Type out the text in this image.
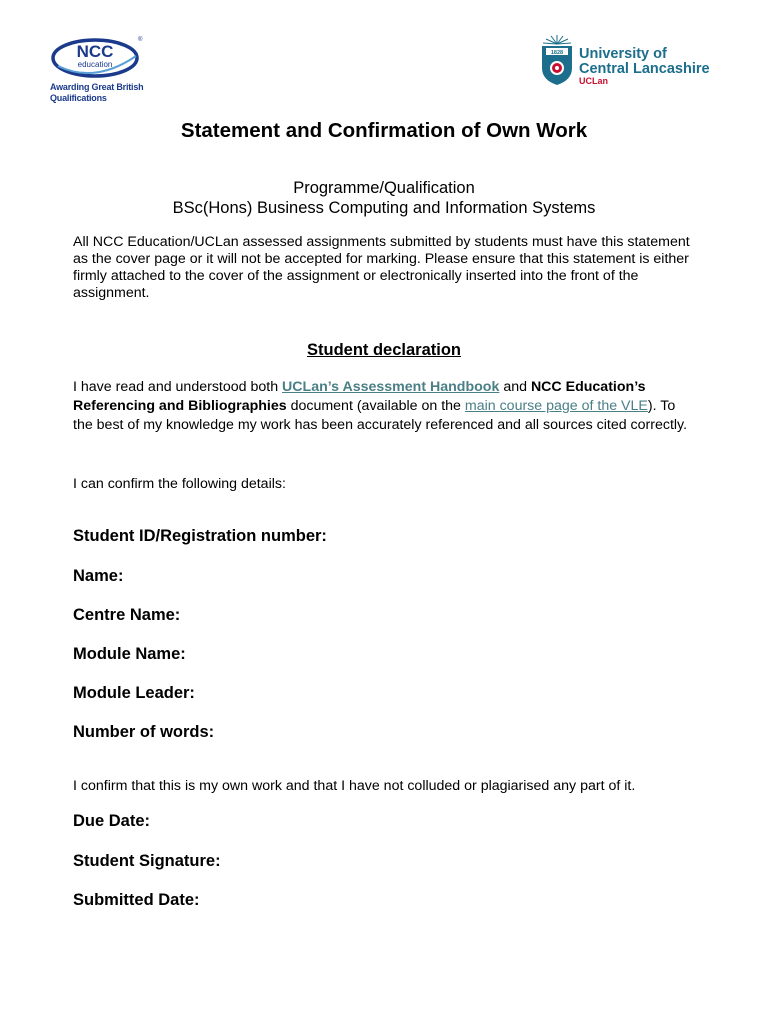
NCC
education
®
Awarding Great British
Qualifications
1828 University of
Central Lancashire
UCLan
Statement and Confirmation of Own Work
Programme/Qualification
BSc(Hons) Business Computing and Information Systems
All NCC Education/UCLan assessed assignments submitted by students must have this statement as the cover page or it will not be accepted for marking. Please ensure that this statement is either firmly attached to the cover of the assignment or electronically inserted into the front of the assignment.
Student declaration
I have read and understood both UCLan’s Assessment Handbook and NCC Education’s Referencing and Bibliographies document (available on the main course page of the VLE). To the best of my knowledge my work has been accurately referenced and all sources cited correctly.
I can confirm the following details:
Student ID/Registration number:
Name:
Centre Name:
Module Name:
Module Leader:
Number of words:
I confirm that this is my own work and that I have not colluded or plagiarised any part of it.
Due Date:
Student Signature:
Submitted Date:
